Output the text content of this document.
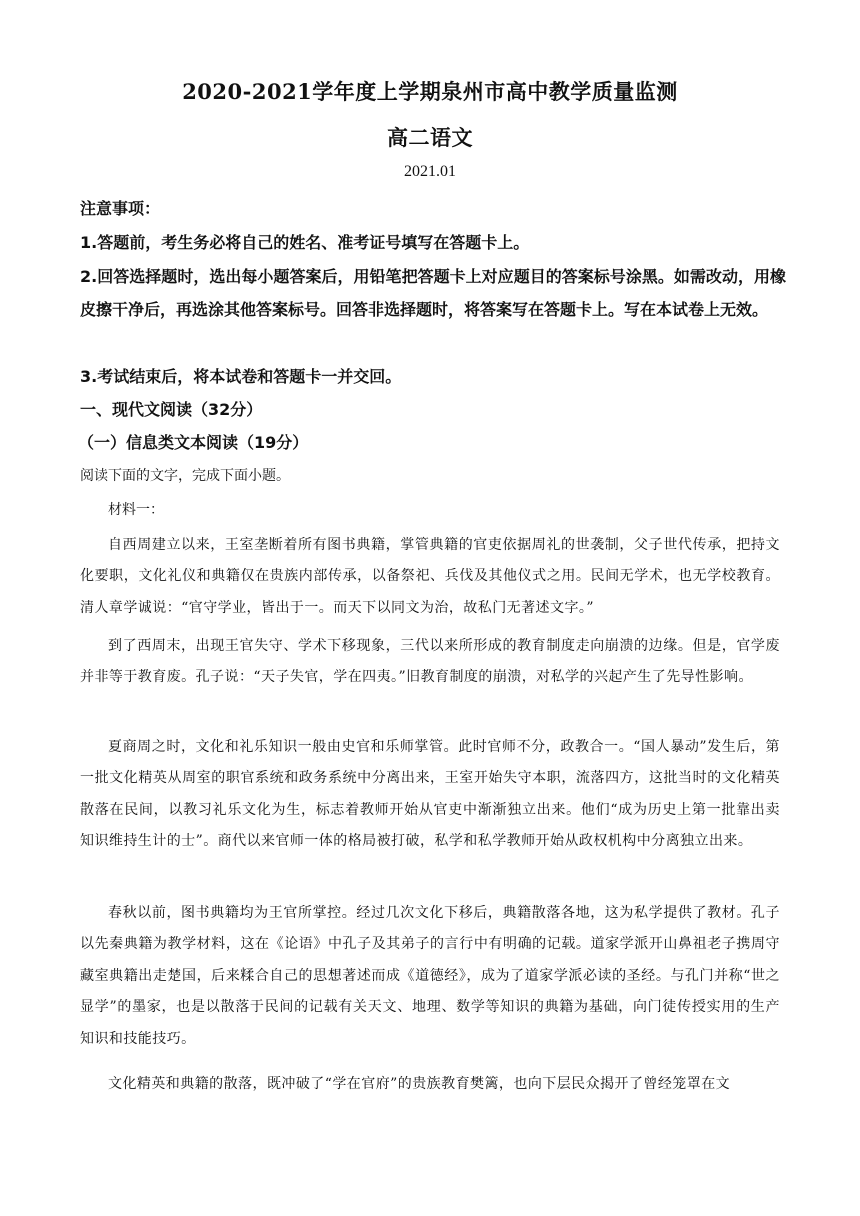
2020-2021学年度上学期泉州市高中教学质量监测
高二语文
2021.01
注意事项：
1.答题前，考生务必将自己的姓名、准考证号填写在答题卡上。
2.回答选择题时，选出每小题答案后，用铅笔把答题卡上对应题目的答案标号涂黑。如需改动，用橡皮擦干净后，再选涂其他答案标号。回答非选择题时，将答案写在答题卡上。写在本试卷上无效。
3.考试结束后，将本试卷和答题卡一并交回。
一、现代文阅读（32分）
（一）信息类文本阅读（19分）
阅读下面的文字，完成下面小题。
材料一：
自西周建立以来，王室垄断着所有图书典籍，掌管典籍的官吏依据周礼的世袭制，父子世代传承，把持文化要职，文化礼仪和典籍仅在贵族内部传承，以备祭祀、兵伐及其他仪式之用。民间无学术，也无学校教育。清人章学诚说：“官守学业，皆出于一。而天下以同文为治，故私门无著述文字。”
到了西周末，出现王官失守、学术下移现象，三代以来所形成的教育制度走向崩溃的边缘。但是，官学废并非等于教育废。孔子说：“天子失官，学在四夷。”旧教育制度的崩溃，对私学的兴起产生了先导性影响。
夏商周之时，文化和礼乐知识一般由史官和乐师掌管。此时官师不分，政教合一。“国人暴动”发生后，第一批文化精英从周室的职官系统和政务系统中分离出来，王室开始失守本职，流落四方，这批当时的文化精英散落在民间，以教习礼乐文化为生，标志着教师开始从官吏中渐渐独立出来。他们“成为历史上第一批靠出卖知识维持生计的士”。商代以来官师一体的格局被打破，私学和私学教师开始从政权机构中分离独立出来。
春秋以前，图书典籍均为王官所掌控。经过几次文化下移后，典籍散落各地，这为私学提供了教材。孔子以先秦典籍为教学材料，这在《论语》中孔子及其弟子的言行中有明确的记载。道家学派开山鼻祖老子携周守藏室典籍出走楚国，后来糅合自己的思想著述而成《道德经》，成为了道家学派必读的圣经。与孔门并称“世之显学”的墨家，也是以散落于民间的记载有关天文、地理、数学等知识的典籍为基础，向门徒传授实用的生产知识和技能技巧。
文化精英和典籍的散落，既冲破了“学在官府”的贵族教育樊篱，也向下层民众揭开了曾经笼罩在文
